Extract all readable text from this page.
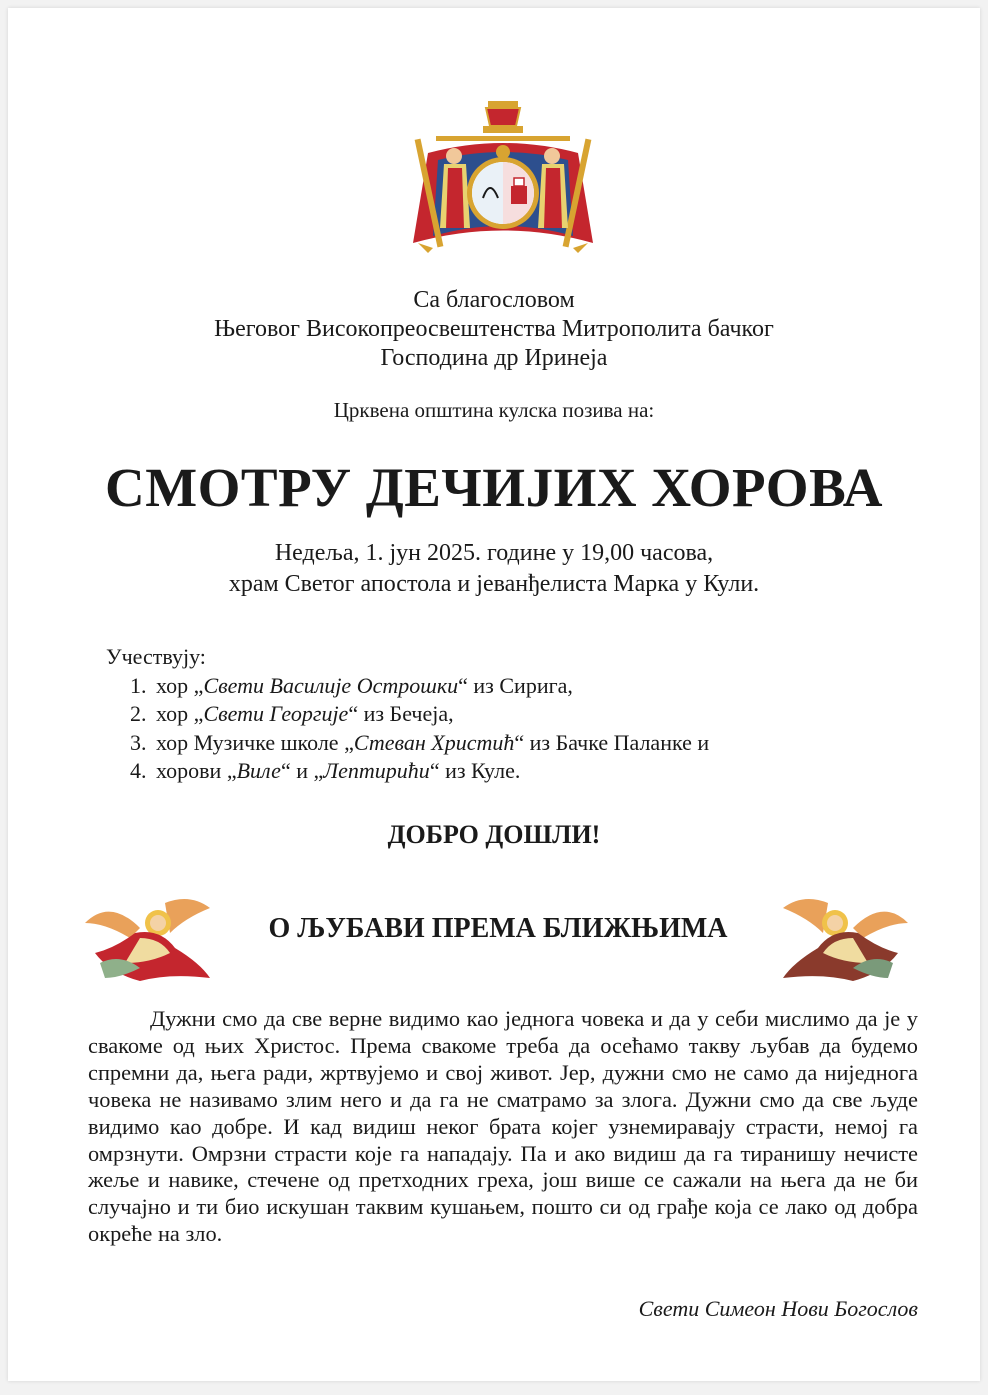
Са благословом
Његовог Високопреосвештенства Митрополита бачког
Господина др Иринеја
Црквена општина кулска позива на:
СМОТРУ ДЕЧИЈИХ ХОРОВА
Недеља, 1. јун 2025. године у 19,00 часова,
храм Светог апостола и јеванђелиста Марка у Кули.
Учествују:
1. хор „Свети Василије Острошки“ из Сирига,
2. хор „Свети Георгије“ из Бечеја,
3. хор Музичке школе „Стеван Христић“ из Бачке Паланке и
4. хорови „Виле“ и „Лептирићи“ из Куле.
ДОБРО ДОШЛИ!
О ЉУБАВИ ПРЕМА БЛИЖЊИМА
Дужни смо да све верне видимо као једнога човека и да у себи мислимо да је у свакоме од њих Христос. Према свакоме треба да осећамо такву љубав да будемо спремни да, њега ради, жртвујемо и свој живот. Јер, дужни смо не само да ниједнога човека не називамо злим него и да га не сматрамо за злога. Дужни смо да све људе видимо као добре. И кад видиш неког брата којег узнемиравају страсти, немој га омрзнути. Омрзни страсти које га нападају. Па и ако видиш да га тиранишу нечисте жеље и навике, стечене од претходних греха, још више се сажали на њега да не би случајно и ти био искушан таквим кушањем, пошто си од грађе која се лако од добра окреће на зло.
Свети Симеон Нови Богослов
